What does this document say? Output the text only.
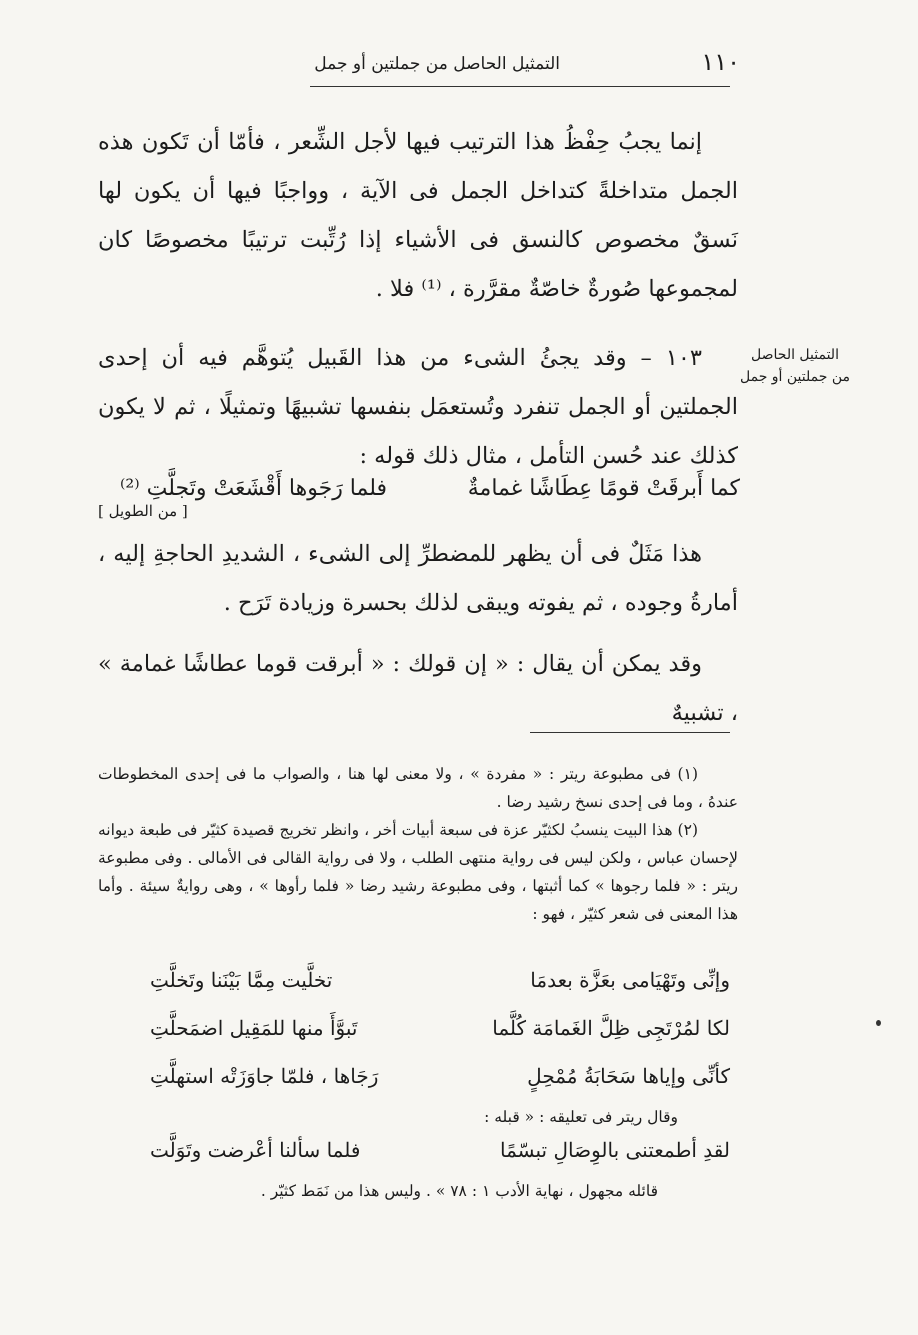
١١٠
التمثيل الحاصل من جملتين أو جمل

إنما يجبُ حِفْظُ هذا الترتيب فيها لأجل الشِّعر ، فأمّا أن تَكون هذه الجمل متداخلةً كتداخل الجمل فى الآية ، وواجبًا فيها أن يكون لها نَسقٌ مخصوص كالنسق فى الأشياء إذا رُتِّبت ترتيبًا مخصوصًا كان لمجموعها صُورةٌ خاصّةٌ مقرَّرة ، ⁽¹⁾ فلا .

١٠٣ – وقد يجئُ الشىء من هذا القَبيل يُتوهَّم فيه أن إحدى الجملتين أو الجمل تنفرد وتُستعمَل بنفسها تشبيهًا وتمثيلًا ، ثم لا يكون كذلك عند حُسن التأمل ، مثال ذلك قوله :

[ من الطويل ]
كما أَبرقَتْ قومًا عِطَاشًا غمامةٌ
فلما رَجَوها أَقْشَعَتْ وتَجلَّتِ ⁽²⁾

هذا مَثَلٌ فى أن يظهر للمضطرِّ إلى الشىء ، الشديدِ الحاجةِ إليه ، أمارةُ وجوده ، ثم يفوته ويبقى لذلك بحسرة وزيادة تَرَح .

وقد يمكن أن يقال : « إن قولك : « أبرقت قوما عطاشًا غمامة » ، تشبيهٌ

التمثيل الحاصل من جملتين أو جمل

(١) فى مطبوعة ريتر : « مفردة » ، ولا معنى لها هنا ، والصواب ما فى إحدى المخطوطات عندهُ ، وما فى إحدى نسخ رشيد رضا .

(٢) هذا البيت ينسبُ لكثيّر عزة فى سبعة أبيات أخر ، وانظر تخريج قصيدة كثيّر فى طبعة ديوانه لإحسان عباس ، ولكن ليس فى رواية منتهى الطلب ، ولا فى رواية القالى فى الأمالى . وفى مطبوعة ريتر : « فلما رجوها » كما أثبتها ، وفى مطبوعة رشيد رضا « فلما رأوها » ، وهى روايةٌ سيئة . وأما هذا المعنى فى شعر كثيّر ، فهو :

وإنِّى وتَهْيَامى بعَزَّة بعدمَا
تخلَّيت مِمَّا بَيْنَنا وتَخلَّتِ
لكا لمُرْتَجِى ظِلَّ الغَمامَة كُلَّما
تَبوَّأَ منها للمَقِيل اضمَحلَّتِ
كأنِّى وإياها سَحَابَةُ مُمْحِلٍ
رَجَاها ، فلمّا جاوَزَتْه استهلَّتِ
وقال ريتر فى تعليقه : « قبله :
لقدِ أطمعتنى بالوِصَالِ تبسّمًا
فلما سألنا أعْرضت وتَوَلَّت
قائله مجهول ، نهاية الأدب ١ : ٧٨ » . وليس هذا من نَمَط كثيّر .
